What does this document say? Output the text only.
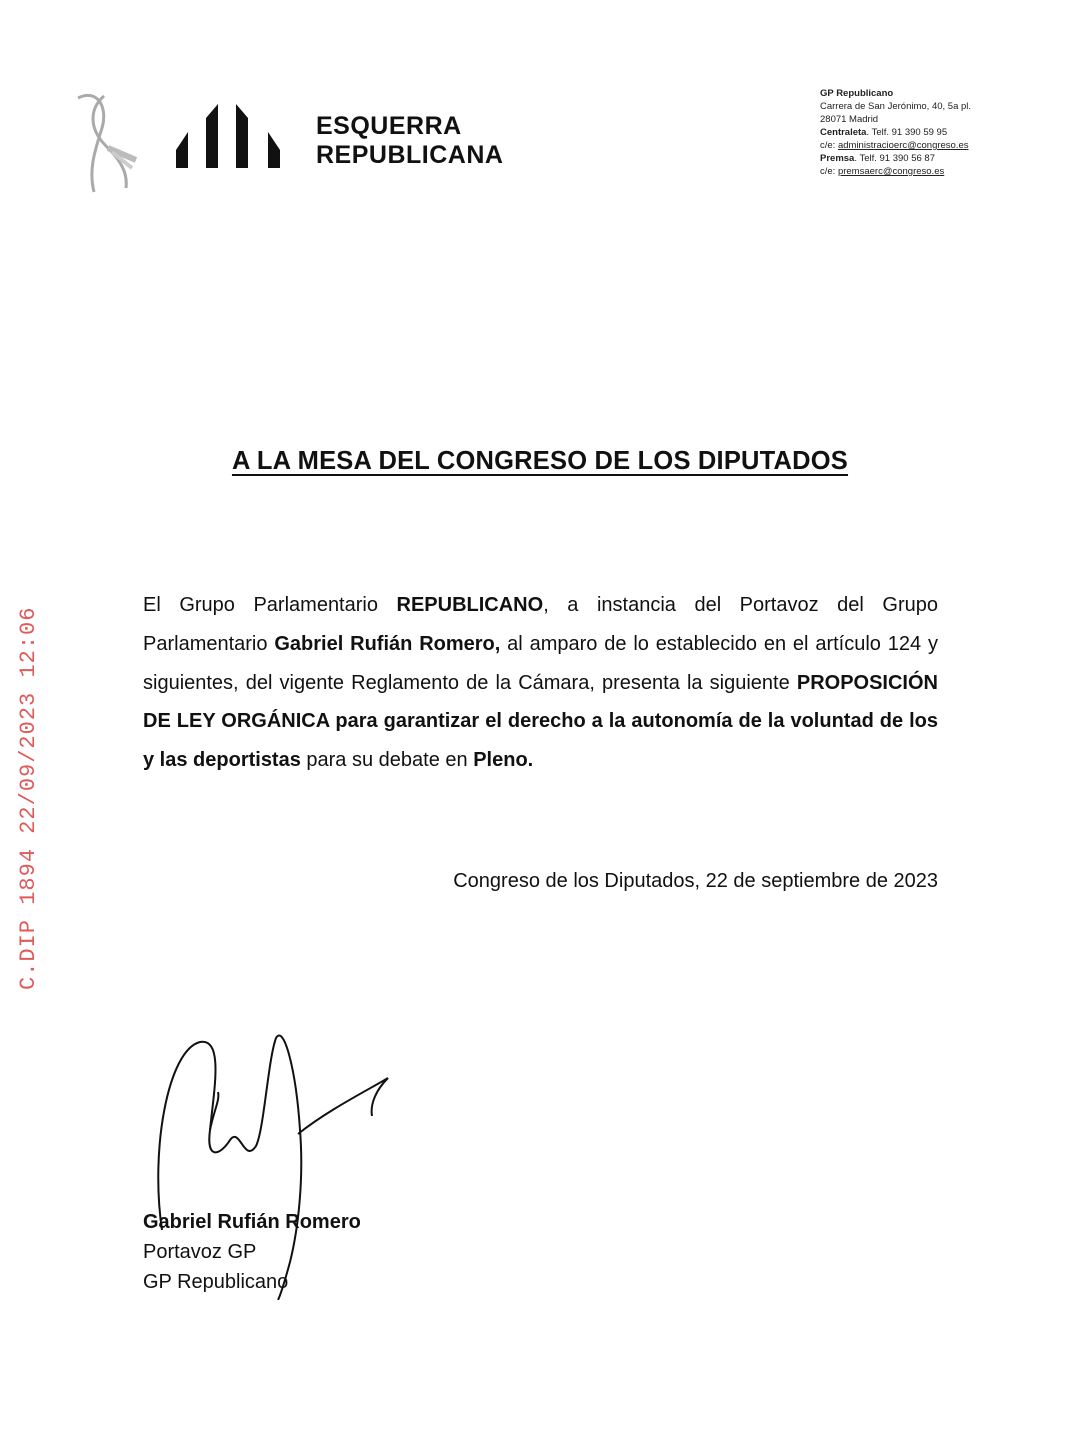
ESQUERRA
REPUBLICANA
GP Republicano
Carrera de San Jerónimo, 40, 5a pl.
28071 Madrid
Centraleta. Telf. 91 390 59 95
c/e: administracioerc@congreso.es
Premsa. Telf. 91 390 56 87
c/e: premsaerc@congreso.es
A LA MESA DEL CONGRESO DE LOS DIPUTADOS
C.DIP 1894 22/09/2023 12:06
El Grupo Parlamentario REPUBLICANO, a instancia del Portavoz del Grupo Parlamentario Gabriel Rufián Romero, al amparo de lo establecido en el artículo 124 y siguientes, del vigente Reglamento de la Cámara, presenta la siguiente PROPOSICIÓN DE LEY ORGÁNICA para garantizar el derecho a la autonomía de la voluntad de los y las deportistas para su debate en Pleno.
Congreso de los Diputados, 22 de septiembre de 2023
Gabriel Rufián Romero
Portavoz GP
GP Republicano
